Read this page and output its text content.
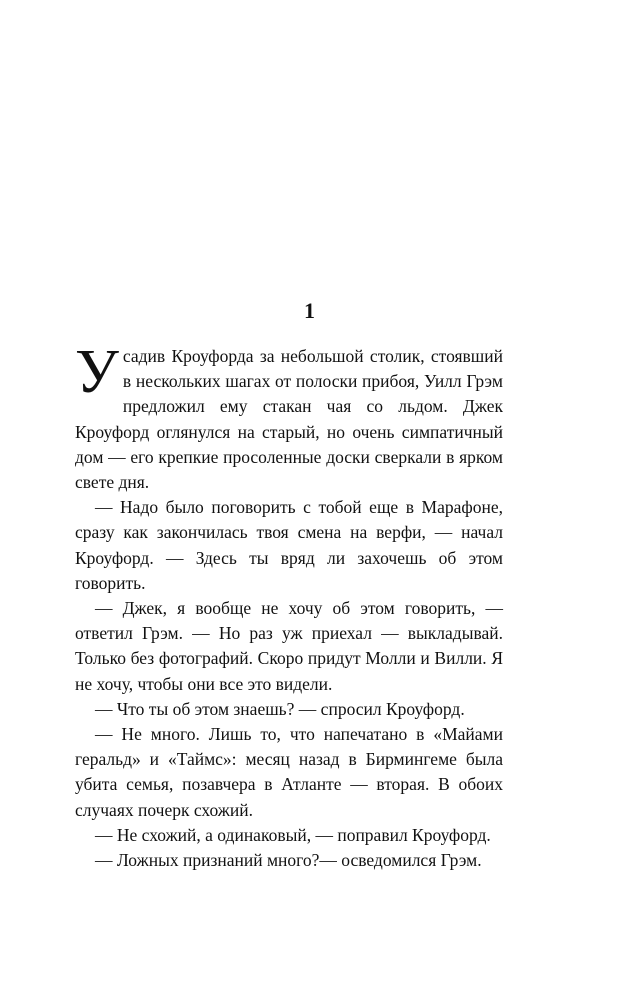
1

Усадив Кроуфорда за небольшой столик, стоявший в нескольких шагах от полоски прибоя, Уилл Грэм предложил ему стакан чая со льдом. Джек Кроуфорд оглянулся на старый, но очень симпатичный дом — его крепкие просоленные доски сверкали в ярком свете дня.

— Надо было поговорить с тобой еще в Марафоне, сразу как закончилась твоя смена на верфи, — начал Кроуфорд. — Здесь ты вряд ли захочешь об этом говорить.

— Джек, я вообще не хочу об этом говорить, — ответил Грэм. — Но раз уж приехал — выкладывай. Только без фотографий. Скоро придут Молли и Вилли. Я не хочу, чтобы они все это видели.

— Что ты об этом знаешь? — спросил Кроуфорд.

— Не много. Лишь то, что напечатано в «Майами геральд» и «Таймс»: месяц назад в Бирмингеме была убита семья, позавчера в Атланте — вторая. В обоих случаях почерк схожий.

— Не схожий, а одинаковый, — поправил Кроуфорд.

— Ложных признаний много?— осведомился Грэм.
